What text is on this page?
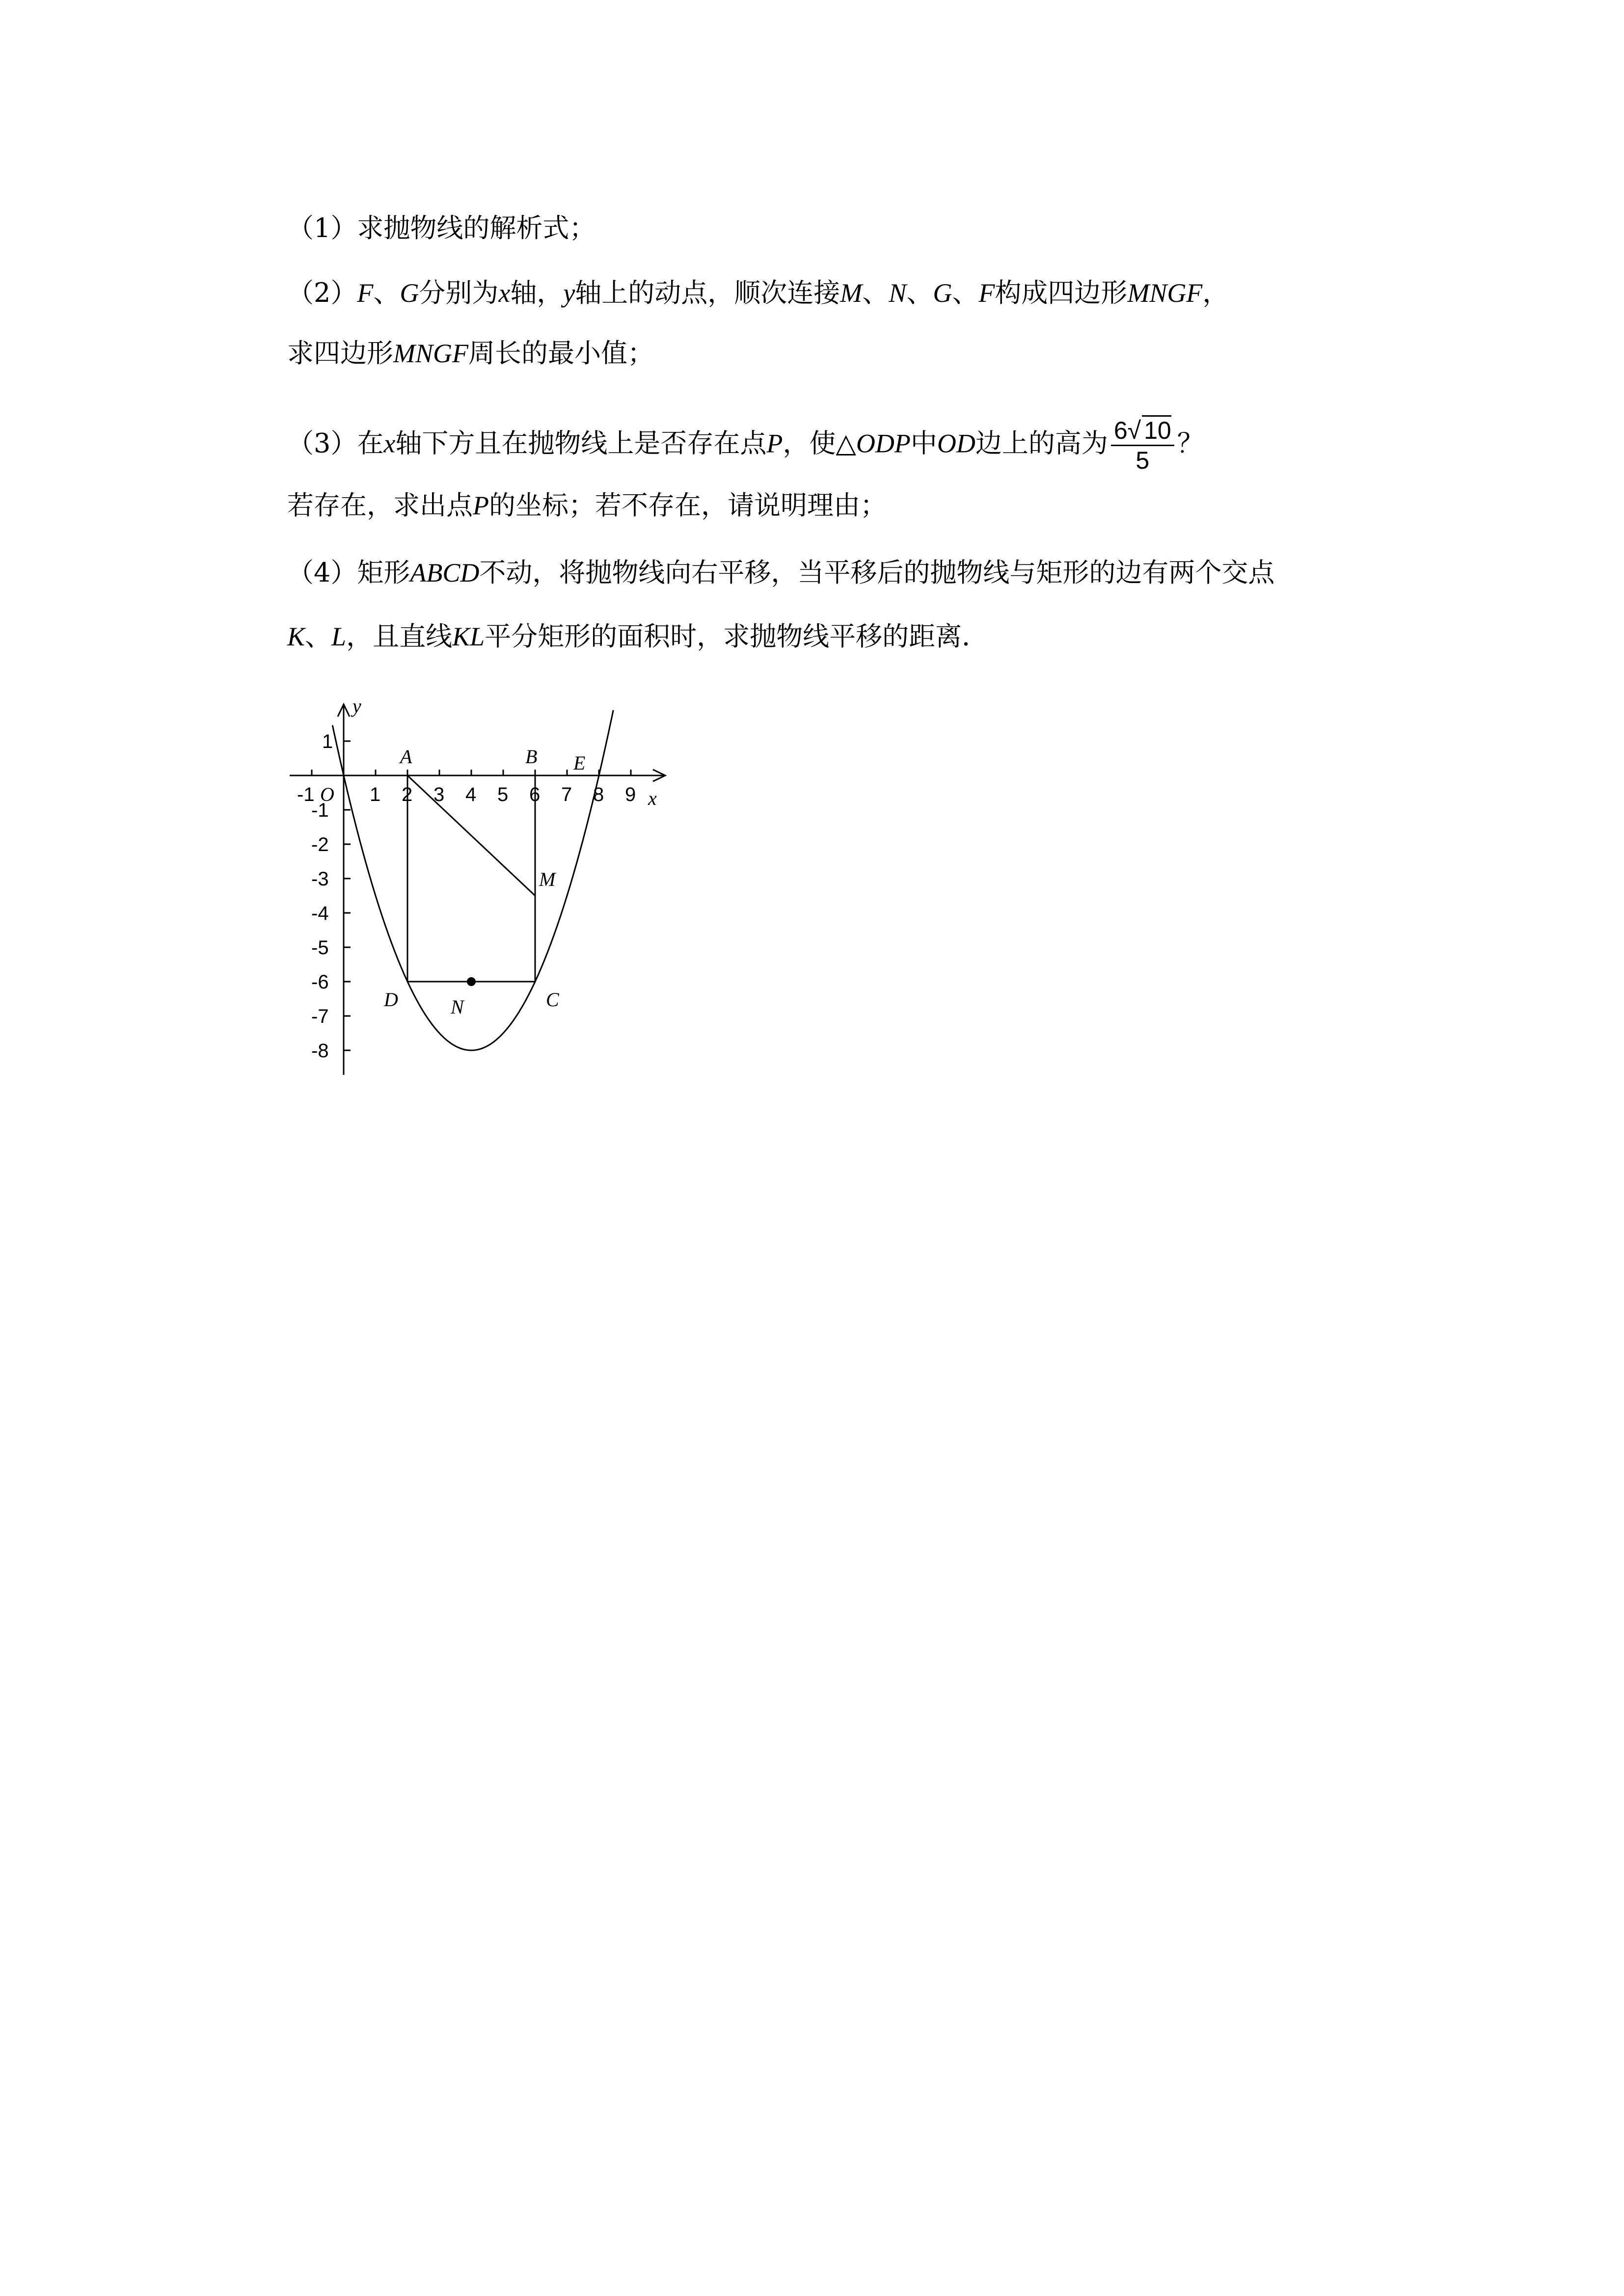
（1）求抛物线的解析式；
（2）F、G分别为x轴，y轴上的动点，顺次连接M、N、G、F构成四边形MNGF，
求四边形MNGF周长的最小值；
（3）在x轴下方且在抛物线上是否存在点P，使△ODP中OD边上的高为 $\frac{6√ 10}{5}$ ？
若存在，求出点P的坐标；若不存在，请说明理由；
（4）矩形ABCD不动，将抛物线向右平移，当平移后的抛物线与矩形的边有两个交点
K、L，且直线KL平分矩形的面积时，求抛物线平移的距离．
-1	1 2 3 4 5 6 7 8 9
1
-1
-2
-3
-4
-5
-6
-7
-8
y
x
O
A	B E
M
D	N	C
